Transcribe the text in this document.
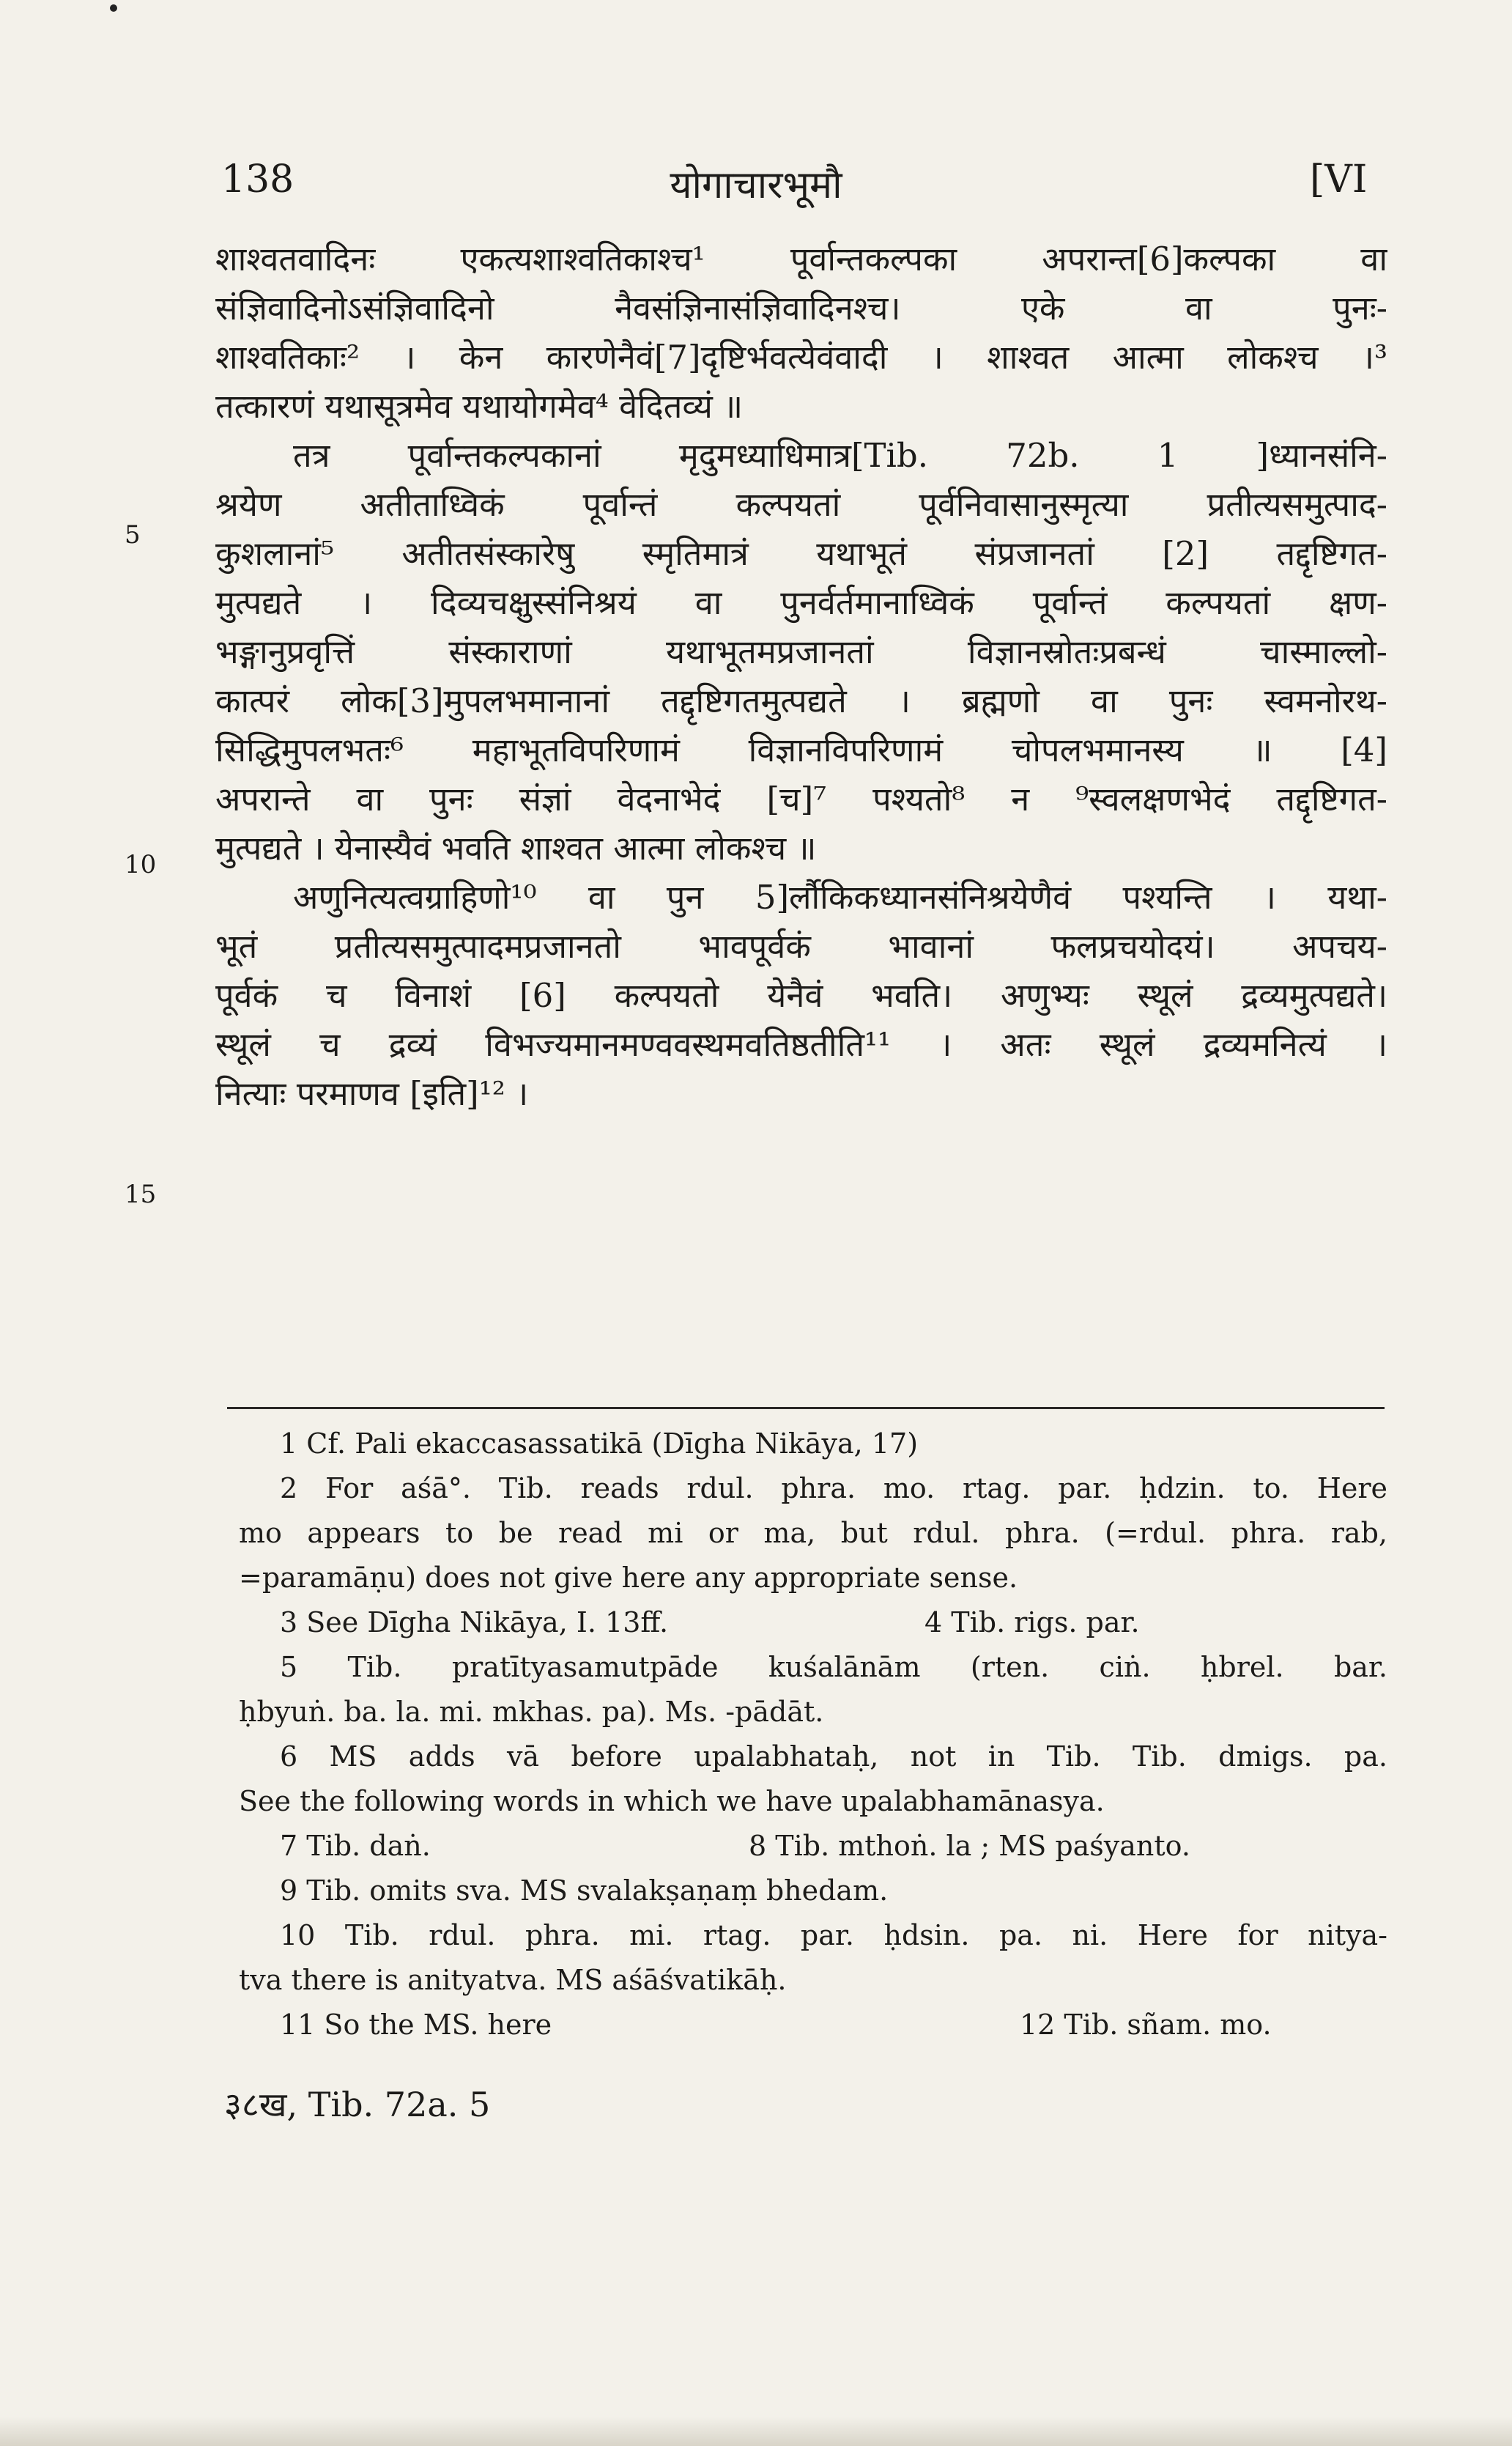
138	योगाचारभूमौ	[VI
5
10
15
शाश्वतवादिनः एकत्यशाश्वतिकाश्च¹ पूर्वान्तकल्पका अपरान्त[6]कल्पका वा
संज्ञिवादिनोऽसंज्ञिवादिनो नैवसंज्ञिनासंज्ञिवादिनश्च। एके वा पुनः-
शाश्वतिकाः² । केन कारणेनैवं[7]दृष्टिर्भवत्येवंवादी । शाश्वत आत्मा लोकश्च ।³
तत्कारणं यथासूत्रमेव यथायोगमेव⁴ वेदितव्यं ॥
तत्र पूर्वान्तकल्पकानां मृदुमध्याधिमात्र[Tib. 72b. 1 ]ध्यानसंनि-
श्रयेण अतीताध्विकं पूर्वान्तं कल्पयतां पूर्वनिवासानुस्मृत्या प्रतीत्यसमुत्पाद-
कुशलानां⁵ अतीतसंस्कारेषु स्मृतिमात्रं यथाभूतं संप्रजानतां [2] तद्दृष्टिगत-
मुत्पद्यते । दिव्यचक्षुस्संनिश्रयं वा पुनर्वर्तमानाध्विकं पूर्वान्तं कल्पयतां क्षण-
भङ्गानुप्रवृत्तिं संस्काराणां यथाभूतमप्रजानतां विज्ञानस्रोतःप्रबन्धं चास्माल्लो-
कात्परं लोक[3]मुपलभमानानां तद्दृष्टिगतमुत्पद्यते । ब्रह्मणो वा पुनः स्वमनोरथ-
सिद्धिमुपलभतः⁶ महाभूतविपरिणामं विज्ञानविपरिणामं चोपलभमानस्य ॥ [4]
अपरान्ते वा पुनः संज्ञां वेदनाभेदं [च]⁷ पश्यतो⁸ न ⁹स्वलक्षणभेदं तद्दृष्टिगत-
मुत्पद्यते । येनास्यैवं भवति शाश्वत आत्मा लोकश्च ॥
अणुनित्यत्वग्राहिणो¹⁰ वा पुन 5]र्लौकिकध्यानसंनिश्रयेणैवं पश्यन्ति । यथा-
भूतं प्रतीत्यसमुत्पादमप्रजानतो भावपूर्वकं भावानां फलप्रचयोदयं। अपचय-
पूर्वकं च विनाशं [6] कल्पयतो येनैवं भवति। अणुभ्यः स्थूलं द्रव्यमुत्पद्यते।
स्थूलं च द्रव्यं विभज्यमानमण्ववस्थमवतिष्ठतीति¹¹ । अतः स्थूलं द्रव्यमनित्यं ।
नित्याः परमाणव [इति]¹² ।
1 Cf. Pali ekaccasassatikā (Dīgha Nikāya, 17)
2 For aśā°. Tib. reads rdul. phra. mo. rtag. par. ḥdzin. to. Here
mo appears to be read mi or ma, but rdul. phra. (=rdul. phra. rab,
=paramāṇu) does not give here any appropriate sense.
3 See Dīgha Nikāya, I. 13ff.	4 Tib. rigs. par.
5 Tib. pratītyasamutpāde kuśalānām (rten. ciṅ. ḥbrel. bar.
ḥbyuṅ. ba. la. mi. mkhas. pa). Ms. -pādāt.
6 MS adds vā before upalabhataḥ, not in Tib. Tib. dmigs. pa.
See the following words in which we have upalabhamānasya.
7 Tib. daṅ.	8 Tib. mthoṅ. la ; MS paśyanto.
9 Tib. omits sva. MS svalakṣaṇaṃ bhedam.
10 Tib. rdul. phra. mi. rtag. par. ḥdsin. pa. ni. Here for nitya-
tva there is anityatva. MS aśāśvatikāḥ.
11 So the MS. here	12 Tib. sñam. mo.
३८ख, Tib. 72a. 5
